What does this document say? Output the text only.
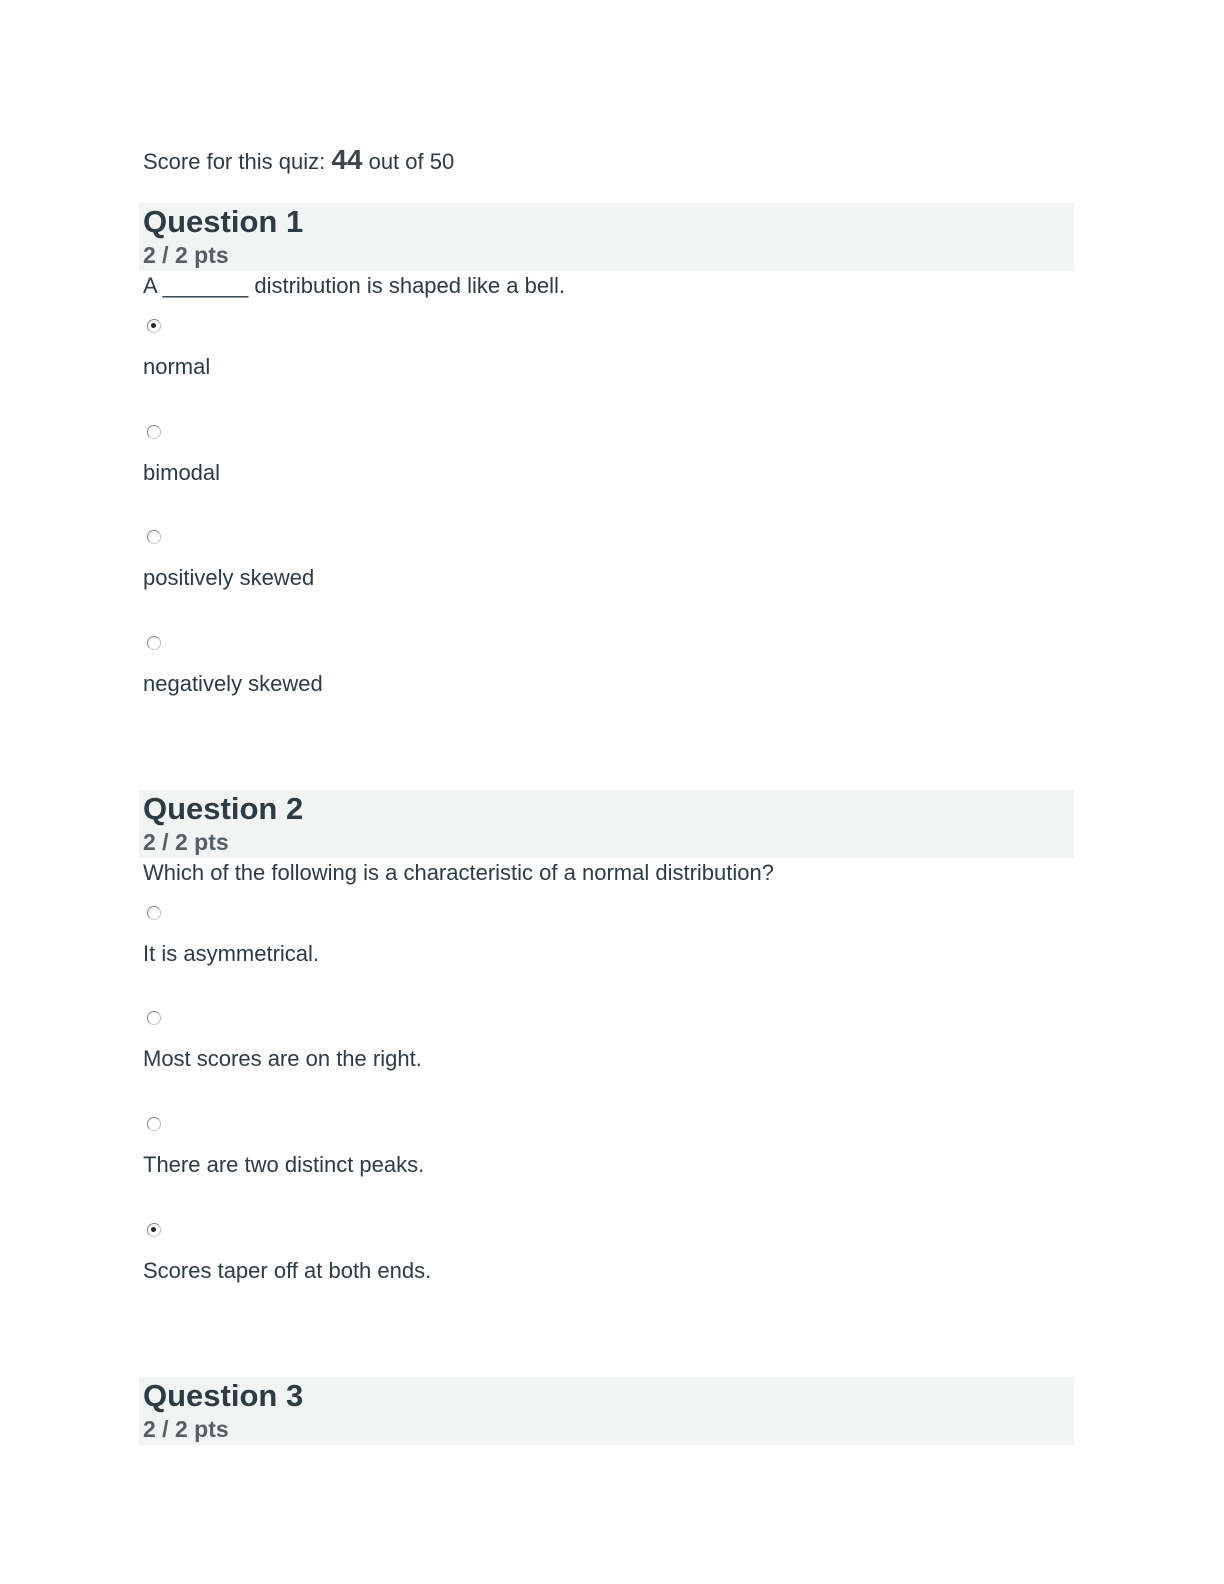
Score for this quiz: 44 out of 50
Question 1
2 / 2 pts
A _______ distribution is shaped like a bell.
normal
bimodal
positively skewed
negatively skewed
Question 2
2 / 2 pts
Which of the following is a characteristic of a normal distribution?
It is asymmetrical.
Most scores are on the right.
There are two distinct peaks.
Scores taper off at both ends.
Question 3
2 / 2 pts
